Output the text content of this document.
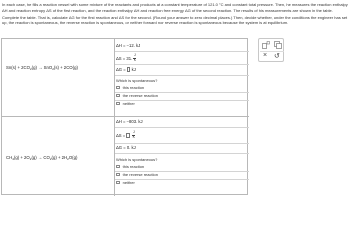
In each case, he fills a reaction vessel with some mixture of the reactants and products at a constant temperature of 121.0 °C and constant total pressure. Then, he measures the reaction enthalpy ΔH and reaction entropy ΔS of the first reaction, and the reaction enthalpy ΔH and reaction free energy ΔG of the second reaction. The results of his measurements are shown in the table.

Complete the table. That is, calculate ΔG for the first reaction and ΔS for the second. (Round your answer to zero decimal places.) Then, decide whether, under the conditions the engineer has set up, the reaction is spontaneous, the reverse reaction is spontaneous, or neither forward nor reverse reaction is spontaneous because the system is at equilibrium.

$Sn(s) + 2CO_2(g) \to SnO_2(s) + 2CO(g)$
ΔH = −12. kJ
ΔS = 31. $\frac{J}{K}$
ΔG = kJ
Which is spontaneous?
this reaction
the reverse reaction
neither
$CH_4(g) + 2O_2(g) \to CO_2(g) + 2H_2O(g)$
ΔH = −803. kJ
$\Delta S = \frac{J}{K}$
ΔG = 0. kJ
Which is spontaneous?
this reaction
the reverse reaction
neither
× ↺
